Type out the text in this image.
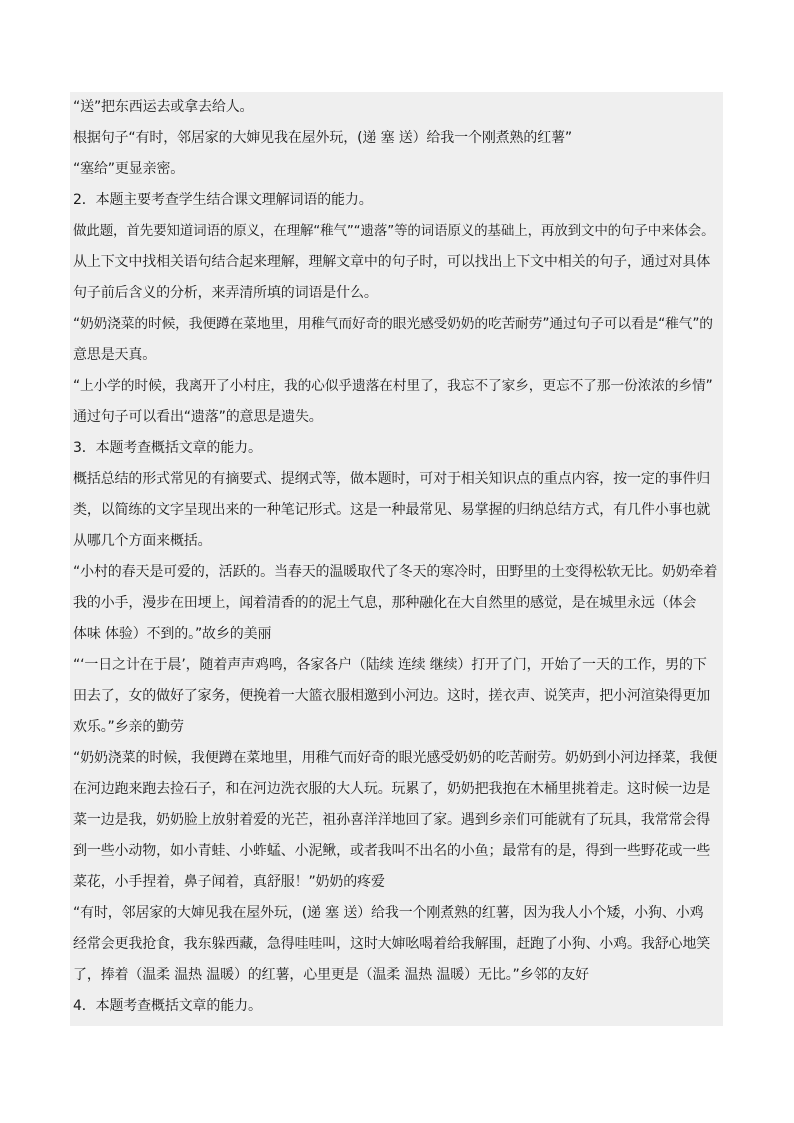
“送”把东西运去或拿去给人。
根据句子“有时，邻居家的大婶见我在屋外玩，(递 塞 送）给我一个刚煮熟的红薯”
“塞给”更显亲密。
2．本题主要考查学生结合课文理解词语的能力。
做此题，首先要知道词语的原义，在理解“稚气”“遗落”等的词语原义的基础上，再放到文中的句子中来体会。
从上下文中找相关语句结合起来理解，理解文章中的句子时，可以找出上下文中相关的句子，通过对具体
句子前后含义的分析，来弄清所填的词语是什么。
“奶奶浇菜的时候，我便蹲在菜地里，用稚气而好奇的眼光感受奶奶的吃苦耐劳”通过句子可以看是“稚气”的
意思是天真。
“上小学的时候，我离开了小村庄，我的心似乎遗落在村里了，我忘不了家乡，更忘不了那一份浓浓的乡情”
通过句子可以看出“遗落”的意思是遗失。
3．本题考查概括文章的能力。
概括总结的形式常见的有摘要式、提纲式等，做本题时，可对于相关知识点的重点内容，按一定的事件归
类，以简练的文字呈现出来的一种笔记形式。这是一种最常见、易掌握的归纳总结方式，有几件小事也就
从哪几个方面来概括。
“小村的春天是可爱的，活跃的。当春天的温暖取代了冬天的寒冷时，田野里的土变得松软无比。奶奶牵着
我的小手，漫步在田埂上，闻着清香的的泥土气息，那种融化在大自然里的感觉，是在城里永远（体会
体味 体验）不到的。”故乡的美丽
“‘一日之计在于晨’，随着声声鸡鸣，各家各户（陆续 连续 继续）打开了门，开始了一天的工作，男的下
田去了，女的做好了家务，便挽着一大篮衣服相邀到小河边。这时，搓衣声、说笑声，把小河渲染得更加
欢乐。”乡亲的勤劳
“奶奶浇菜的时候，我便蹲在菜地里，用稚气而好奇的眼光感受奶奶的吃苦耐劳。奶奶到小河边择菜，我便
在河边跑来跑去捡石子，和在河边洗衣服的大人玩。玩累了，奶奶把我抱在木桶里挑着走。这时候一边是
菜一边是我，奶奶脸上放射着爱的光芒，祖孙喜洋洋地回了家。遇到乡亲们可能就有了玩具，我常常会得
到一些小动物，如小青蛙、小蚱蜢、小泥鳅，或者我叫不出名的小鱼；最常有的是，得到一些野花或一些
菜花，小手捏着，鼻子闻着，真舒服！”奶奶的疼爱
“有时，邻居家的大婶见我在屋外玩，(递 塞 送）给我一个刚煮熟的红薯，因为我人小个矮，小狗、小鸡
经常会更我抢食，我东躲西藏，急得哇哇叫，这时大婶吆喝着给我解围，赶跑了小狗、小鸡。我舒心地笑
了，捧着（温柔 温热 温暖）的红薯，心里更是（温柔 温热 温暖）无比。”乡邻的友好
4．本题考查概括文章的能力。
